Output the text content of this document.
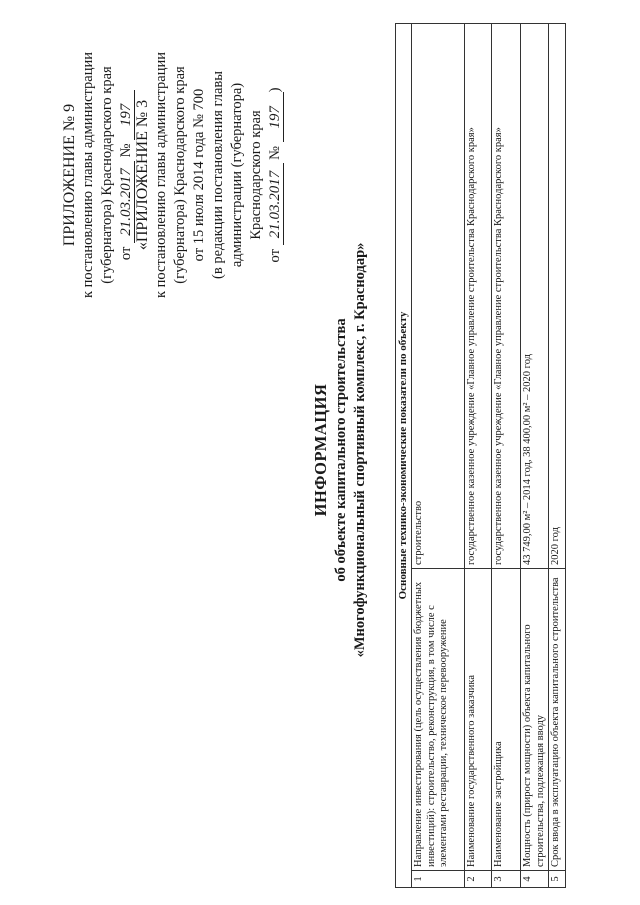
ПРИЛОЖЕНИЕ № 9 к постановлению главы администрации (губернатора) Краснодарского края от 21.03.2017 № 197 «ПРИЛОЖЕНИЕ № 3 к постановлению главы администрации (губернатора) Краснодарского края от 15 июля 2014 года № 700 (в редакции постановления главы администрации (губернатора) Краснодарского края
от 21.03.2017 № 197)
ИНФОРМАЦИЯ об объекте капитального строительства «Многофункциональный спортивный комплекс, г. Краснодар»	Основные технико-экономические показатели по объекту		
1	Направление инвестирования (цель осуществления бюджетных инвестиций): строительство, реконструкция, в том числе с элементами реставрации, техническое перевооружение	строительство
2	Наименование государственного заказчика	государственное казенное учреждение «Главное управление строительства Краснодарского края»
3	Наименование застройщика	государственное казенное учреждение «Главное управление строительства Краснодарского края»
4	Мощность (прирост мощности) объекта капитального строительства, подлежащая вводу	43 749,00 м² – 2014 год, 38 400,00 м² – 2020 год
5	Срок ввода в эксплуатацию объекта капитального строительства	2020 год
